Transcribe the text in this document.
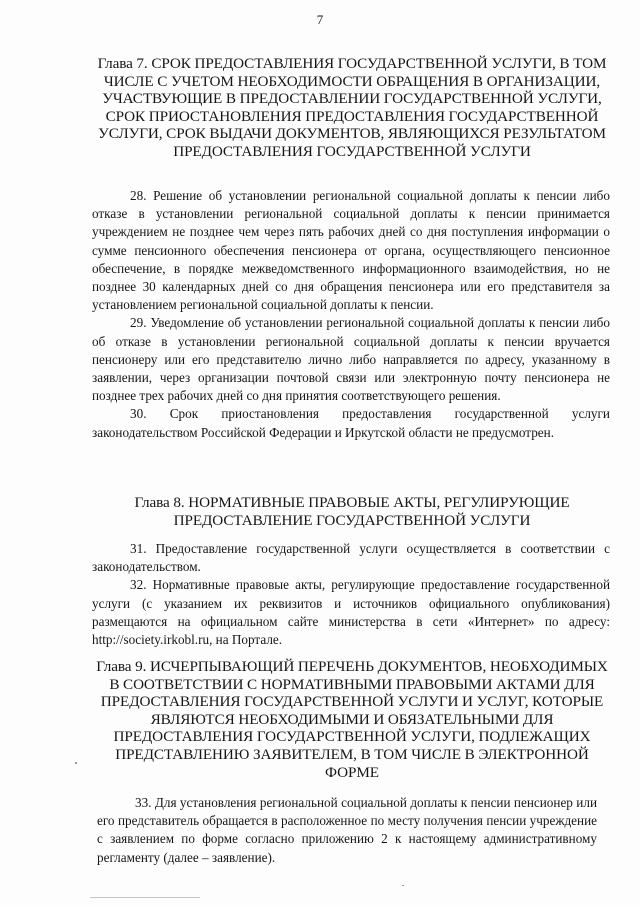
7
Глава 7. СРОК ПРЕДОСТАВЛЕНИЯ ГОСУДАРСТВЕННОЙ УСЛУГИ, В ТОМ ЧИСЛЕ С УЧЕТОМ НЕОБХОДИМОСТИ ОБРАЩЕНИЯ В ОРГАНИЗАЦИИ, УЧАСТВУЮЩИЕ В ПРЕДОСТАВЛЕНИИ ГОСУДАРСТВЕННОЙ УСЛУГИ, СРОК ПРИОСТАНОВЛЕНИЯ ПРЕДОСТАВЛЕНИЯ ГОСУДАРСТВЕННОЙ УСЛУГИ, СРОК ВЫДАЧИ ДОКУМЕНТОВ, ЯВЛЯЮЩИХСЯ РЕЗУЛЬТАТОМ ПРЕДОСТАВЛЕНИЯ ГОСУДАРСТВЕННОЙ УСЛУГИ

28. Решение об установлении региональной социальной доплаты к пенсии либо отказе в установлении региональной социальной доплаты к пенсии принимается учреждением не позднее чем через пять рабочих дней со дня поступления информации о сумме пенсионного обеспечения пенсионера от органа, осуществляющего пенсионное обеспечение, в порядке межведомственного информационного взаимодействия, но не позднее 30 календарных дней со дня обращения пенсионера или его представителя за установлением региональной социальной доплаты к пенсии.

29. Уведомление об установлении региональной социальной доплаты к пенсии либо об отказе в установлении региональной социальной доплаты к пенсии вручается пенсионеру или его представителю лично либо направляется по адресу, указанному в заявлении, через организации почтовой связи или электронную почту пенсионера не позднее трех рабочих дней со дня принятия соответствующего решения.

30. Срок приостановления предоставления государственной услуги законодательством Российской Федерации и Иркутской области не предусмотрен.

Глава 8. НОРМАТИВНЫЕ ПРАВОВЫЕ АКТЫ, РЕГУЛИРУЮЩИЕ ПРЕДОСТАВЛЕНИЕ ГОСУДАРСТВЕННОЙ УСЛУГИ

31. Предоставление государственной услуги осуществляется в соответствии с законодательством.

32. Нормативные правовые акты, регулирующие предоставление государственной услуги (с указанием их реквизитов и источников официального опубликования) размещаются на официальном сайте министерства в сети «Интернет» по адресу: http://society.irkobl.ru, на Портале.

Глава 9. ИСЧЕРПЫВАЮЩИЙ ПЕРЕЧЕНЬ ДОКУМЕНТОВ, НЕОБХОДИМЫХ В СООТВЕТСТВИИ С НОРМАТИВНЫМИ ПРАВОВЫМИ АКТАМИ ДЛЯ ПРЕДОСТАВЛЕНИЯ ГОСУДАРСТВЕННОЙ УСЛУГИ И УСЛУГ, КОТОРЫЕ ЯВЛЯЮТСЯ НЕОБХОДИМЫМИ И ОБЯЗАТЕЛЬНЫМИ ДЛЯ ПРЕДОСТАВЛЕНИЯ ГОСУДАРСТВЕННОЙ УСЛУГИ, ПОДЛЕЖАЩИХ ПРЕДСТАВЛЕНИЮ ЗАЯВИТЕЛЕМ, В ТОМ ЧИСЛЕ В ЭЛЕКТРОННОЙ ФОРМЕ

33. Для установления региональной социальной доплаты к пенсии пенсионер или его представитель обращается в расположенное по месту получения пенсии учреждение с заявлением по форме согласно приложению 2 к настоящему административному регламенту (далее – заявление).
